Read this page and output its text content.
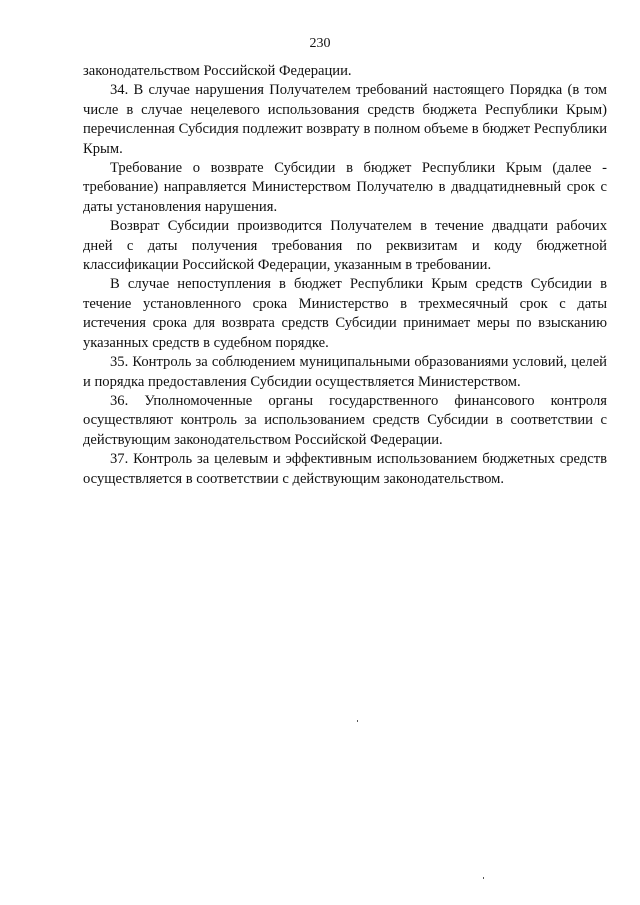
230

законодательством Российской Федерации.

34. В случае нарушения Получателем требований настоящего Порядка (в том числе в случае нецелевого использования средств бюджета Республики Крым) перечисленная Субсидия подлежит возврату в полном объеме в бюджет Республики Крым.

Требование о возврате Субсидии в бюджет Республики Крым (далее - требование) направляется Министерством Получателю в двадцатидневный срок с даты установления нарушения.

Возврат Субсидии производится Получателем в течение двадцати рабочих дней с даты получения требования по реквизитам и коду бюджетной классификации Российской Федерации, указанным в требовании.

В случае непоступления в бюджет Республики Крым средств Субсидии в течение установленного срока Министерство в трехмесячный срок с даты истечения срока для возврата средств Субсидии принимает меры по взысканию указанных средств в судебном порядке.

35. Контроль за соблюдением муниципальными образованиями условий, целей и порядка предоставления Субсидии осуществляется Министерством.

36. Уполномоченные органы государственного финансового контроля осуществляют контроль за использованием средств Субсидии в соответствии с действующим законодательством Российской Федерации.

37. Контроль за целевым и эффективным использованием бюджетных средств осуществляется в соответствии с действующим законодательством.
